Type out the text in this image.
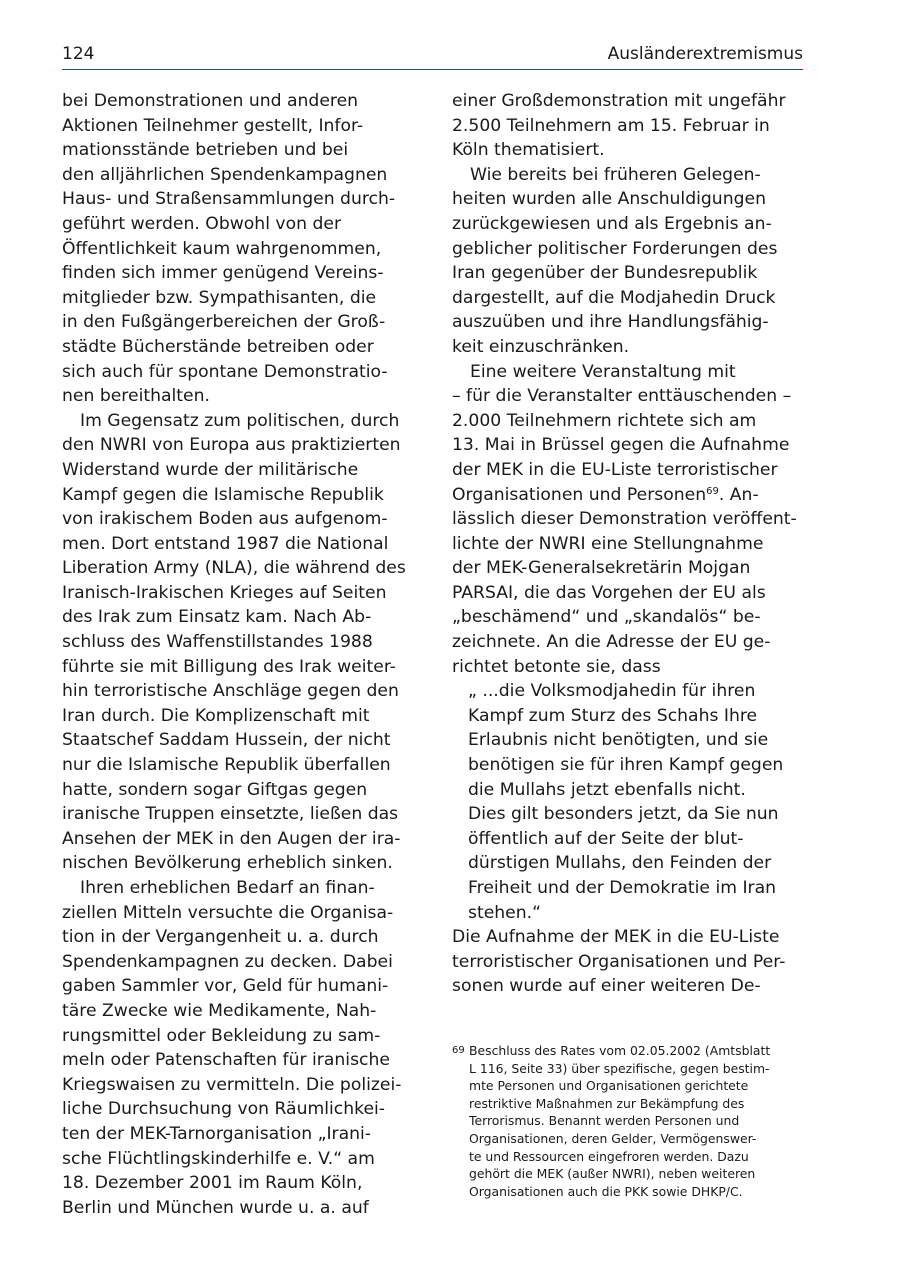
124	Ausländerextremismus
bei Demonstrationen und anderen
Aktionen Teilnehmer gestellt, Infor-
mationsstände betrieben und bei
den alljährlichen Spendenkampagnen
Haus- und Straßensammlungen durch-
geführt werden. Obwohl von der
Öffentlichkeit kaum wahrgenommen,
finden sich immer genügend Vereins-
mitglieder bzw. Sympathisanten, die
in den Fußgängerbereichen der Groß-
städte Bücherstände betreiben oder
sich auch für spontane Demonstratio-
nen bereithalten.
Im Gegensatz zum politischen, durch
den NWRI von Europa aus praktizierten
Widerstand wurde der militärische
Kampf gegen die Islamische Republik
von irakischem Boden aus aufgenom-
men. Dort entstand 1987 die National
Liberation Army (NLA), die während des
Iranisch-Irakischen Krieges auf Seiten
des Irak zum Einsatz kam. Nach Ab-
schluss des Waffenstillstandes 1988
führte sie mit Billigung des Irak weiter-
hin terroristische Anschläge gegen den
Iran durch. Die Komplizenschaft mit
Staatschef Saddam Hussein, der nicht
nur die Islamische Republik überfallen
hatte, sondern sogar Giftgas gegen
iranische Truppen einsetzte, ließen das
Ansehen der MEK in den Augen der ira-
nischen Bevölkerung erheblich sinken.
Ihren erheblichen Bedarf an finan-
ziellen Mitteln versuchte die Organisa-
tion in der Vergangenheit u. a. durch
Spendenkampagnen zu decken. Dabei
gaben Sammler vor, Geld für humani-
täre Zwecke wie Medikamente, Nah-
rungsmittel oder Bekleidung zu sam-
meln oder Patenschaften für iranische
Kriegswaisen zu vermitteln. Die polizei-
liche Durchsuchung von Räumlichkei-
ten der MEK-Tarnorganisation „Irani-
sche Flüchtlingskinderhilfe e. V.“ am
18. Dezember 2001 im Raum Köln,
Berlin und München wurde u. a. auf
einer Großdemonstration mit ungefähr
2.500 Teilnehmern am 15. Februar in
Köln thematisiert.
Wie bereits bei früheren Gelegen-
heiten wurden alle Anschuldigungen
zurückgewiesen und als Ergebnis an-
geblicher politischer Forderungen des
Iran gegenüber der Bundesrepublik
dargestellt, auf die Modjahedin Druck
auszuüben und ihre Handlungsfähig-
keit einzuschränken.
Eine weitere Veranstaltung mit
– für die Veranstalter enttäuschenden –
2.000 Teilnehmern richtete sich am
13. Mai in Brüssel gegen die Aufnahme
der MEK in die EU-Liste terroristischer
Organisationen und Personen$^{69}$. An-
lässlich dieser Demonstration veröffent-
lichte der NWRI eine Stellungnahme
der MEK-Generalsekretärin Mojgan
PARSAI, die das Vorgehen der EU als
„beschämend“ und „skandalös“ be-
zeichnete. An die Adresse der EU ge-
richtet betonte sie, dass
„ ...die Volksmodjahedin für ihren
Kampf zum Sturz des Schahs Ihre
Erlaubnis nicht benötigten, und sie
benötigen sie für ihren Kampf gegen
die Mullahs jetzt ebenfalls nicht.
Dies gilt besonders jetzt, da Sie nun
öffentlich auf der Seite der blut-
dürstigen Mullahs, den Feinden der
Freiheit und der Demokratie im Iran
stehen.“
Die Aufnahme der MEK in die EU-Liste
terroristischer Organisationen und Per-
sonen wurde auf einer weiteren De-
69 Beschluss des Rates vom 02.05.2002 (Amtsblatt
L 116, Seite 33) über spezifische, gegen bestim-
mte Personen und Organisationen gerichtete
restriktive Maßnahmen zur Bekämpfung des
Terrorismus. Benannt werden Personen und
Organisationen, deren Gelder, Vermögenswer-
te und Ressourcen eingefroren werden. Dazu
gehört die MEK (außer NWRI), neben weiteren
Organisationen auch die PKK sowie DHKP/C.
